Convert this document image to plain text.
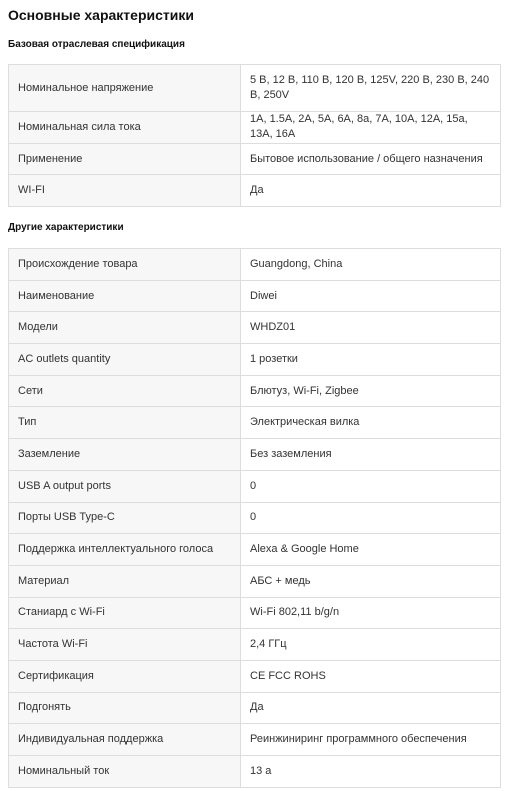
Основные характеристики
Базовая отраслевая спецификация
Номинальное напряжение	5 В, 12 В, 110 В, 120 В, 125V, 220 В, 230 В, 240 В, 250V
Номинальная сила тока	1A, 1.5A, 2A, 5A, 6A, 8a, 7A, 10A, 12A, 15a, 13A, 16A
Применение	Бытовое использование / общего назначения
WI-FI	Да
Другие характеристики
Происхождение товара	Guangdong, China
Наименование	Diwei
Модели	WHDZ01
AC outlets quantity	1 розетки
Сети	Блютуз, Wi-Fi, Zigbee
Тип	Электрическая вилка
Заземление	Без заземления
USB A output ports	0
Порты USB Type-C	0
Поддержка интеллектуального голоса	Alexa & Google Home
Материал	АБС + медь
Станиард с Wi-Fi	Wi-Fi 802,11 b/g/n
Частота Wi-Fi	2,4 ГГц
Сертификация	CE FCC ROHS
Подгонять	Да
Индивидуальная поддержка	Реинжиниринг программного обеспечения
Номинальный ток	13 а
